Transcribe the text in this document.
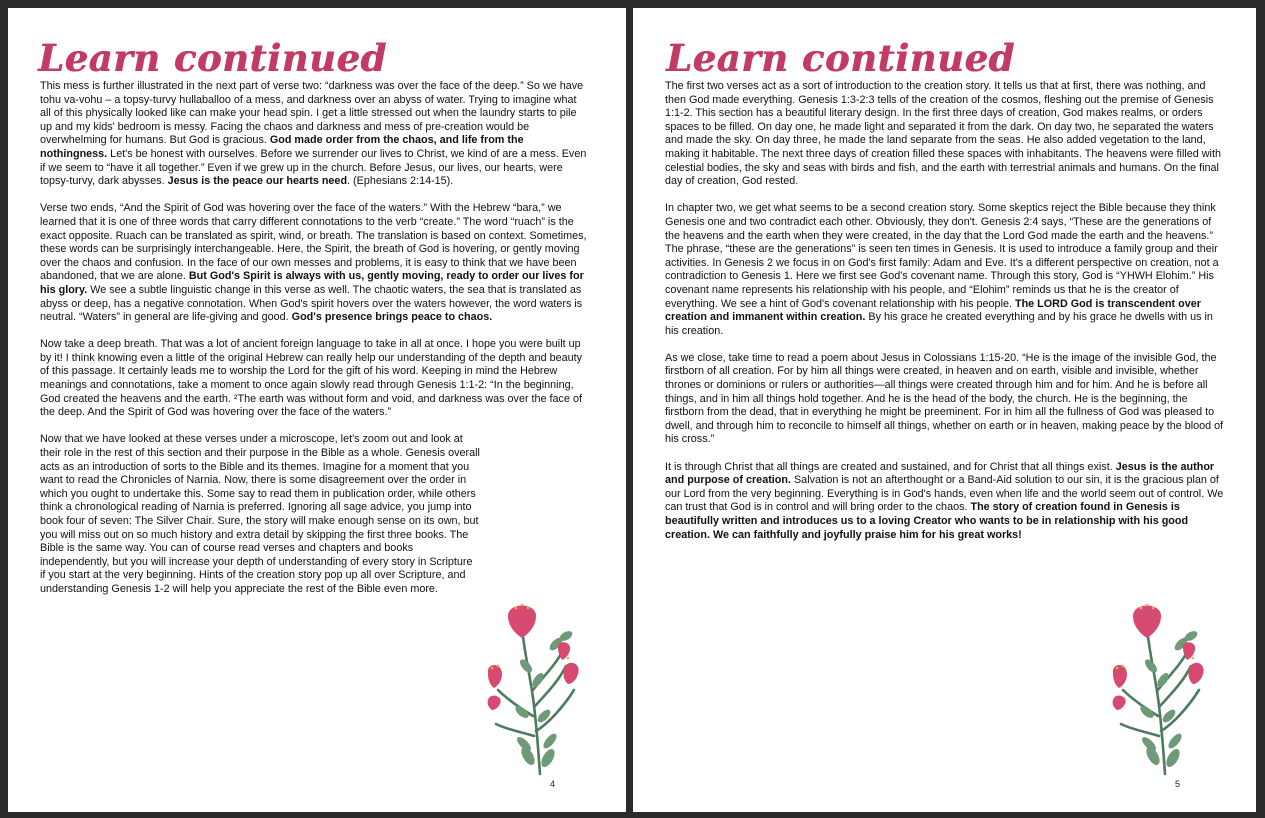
Learn continued

This mess is further illustrated in the next part of verse two: “darkness was over the face of the deep.” So we have tohu va-vohu – a topsy-turvy hullaballoo of a mess, and darkness over an abyss of water. Trying to imagine what all of this physically looked like can make your head spin. I get a little stressed out when the laundry starts to pile up and my kids' bedroom is messy. Facing the chaos and darkness and mess of pre-creation would be overwhelming for humans. But God is gracious. God made order from the chaos, and life from the nothingness. Let's be honest with ourselves. Before we surrender our lives to Christ, we kind of are a mess. Even if we seem to “have it all together.” Even if we grew up in the church. Before Jesus, our lives, our hearts, were topsy-turvy, dark abysses. Jesus is the peace our hearts need. (Ephesians 2:14-15).

Verse two ends, “And the Spirit of God was hovering over the face of the waters.” With the Hebrew “bara,” we learned that it is one of three words that carry different connotations to the verb “create.” The word “ruach” is the exact opposite. Ruach can be translated as spirit, wind, or breath. The translation is based on context. Sometimes, these words can be surprisingly interchangeable. Here, the Spirit, the breath of God is hovering, or gently moving over the chaos and confusion. In the face of our own messes and problems, it is easy to think that we have been abandoned, that we are alone. But God's Spirit is always with us, gently moving, ready to order our lives for his glory. We see a subtle linguistic change in this verse as well. The chaotic waters, the sea that is translated as abyss or deep, has a negative connotation. When God's spirit hovers over the waters however, the word waters is neutral. “Waters” in general are life-giving and good. God's presence brings peace to chaos.

Now take a deep breath. That was a lot of ancient foreign language to take in all at once. I hope you were built up by it! I think knowing even a little of the original Hebrew can really help our understanding of the depth and beauty of this passage. It certainly leads me to worship the Lord for the gift of his word. Keeping in mind the Hebrew meanings and connotations, take a moment to once again slowly read through Genesis 1:1-2: “In the beginning, God created the heavens and the earth. ²The earth was without form and void, and darkness was over the face of the deep. And the Spirit of God was hovering over the face of the waters.”

Now that we have looked at these verses under a microscope, let's zoom out and look at their role in the rest of this section and their purpose in the Bible as a whole. Genesis overall acts as an introduction of sorts to the Bible and its themes. Imagine for a moment that you want to read the Chronicles of Narnia. Now, there is some disagreement over the order in which you ought to undertake this. Some say to read them in publication order, while others think a chronological reading of Narnia is preferred. Ignoring all sage advice, you jump into book four of seven: The Silver Chair. Sure, the story will make enough sense on its own, but you will miss out on so much history and extra detail by skipping the first three books. The Bible is the same way. You can of course read verses and chapters and books independently, but you will increase your depth of understanding of every story in Scripture if you start at the very beginning. Hints of the creation story pop up all over Scripture, and understanding Genesis 1-2 will help you appreciate the rest of the Bible even more.

4
Learn continued

The first two verses act as a sort of introduction to the creation story. It tells us that at first, there was nothing, and then God made everything. Genesis 1:3-2:3 tells of the creation of the cosmos, fleshing out the premise of Genesis 1:1-2. This section has a beautiful literary design. In the first three days of creation, God makes realms, or orders spaces to be filled. On day one, he made light and separated it from the dark. On day two, he separated the waters and made the sky. On day three, he made the land separate from the seas. He also added vegetation to the land, making it habitable. The next three days of creation filled these spaces with inhabitants. The heavens were filled with celestial bodies, the sky and seas with birds and fish, and the earth with terrestrial animals and humans. On the final day of creation, God rested.

In chapter two, we get what seems to be a second creation story. Some skeptics reject the Bible because they think Genesis one and two contradict each other. Obviously, they don't. Genesis 2:4 says, “These are the generations of the heavens and the earth when they were created, in the day that the Lord God made the earth and the heavens.” The phrase, “these are the generations” is seen ten times in Genesis. It is used to introduce a family group and their activities. In Genesis 2 we focus in on God's first family: Adam and Eve. It's a different perspective on creation, not a contradiction to Genesis 1. Here we first see God's covenant name. Through this story, God is “YHWH Elohim.” His covenant name represents his relationship with his people, and “Elohim” reminds us that he is the creator of everything. We see a hint of God's covenant relationship with his people. The LORD God is transcendent over creation and immanent within creation. By his grace he created everything and by his grace he dwells with us in his creation.

As we close, take time to read a poem about Jesus in Colossians 1:15-20. “He is the image of the invisible God, the firstborn of all creation. For by him all things were created, in heaven and on earth, visible and invisible, whether thrones or dominions or rulers or authorities—all things were created through him and for him. And he is before all things, and in him all things hold together. And he is the head of the body, the church. He is the beginning, the firstborn from the dead, that in everything he might be preeminent. For in him all the fullness of God was pleased to dwell, and through him to reconcile to himself all things, whether on earth or in heaven, making peace by the blood of his cross.”

It is through Christ that all things are created and sustained, and for Christ that all things exist. Jesus is the author and purpose of creation. Salvation is not an afterthought or a Band-Aid solution to our sin, it is the gracious plan of our Lord from the very beginning. Everything is in God's hands, even when life and the world seem out of control. We can trust that God is in control and will bring order to the chaos. The story of creation found in Genesis is beautifully written and introduces us to a loving Creator who wants to be in relationship with his good creation. We can faithfully and joyfully praise him for his great works!

5
